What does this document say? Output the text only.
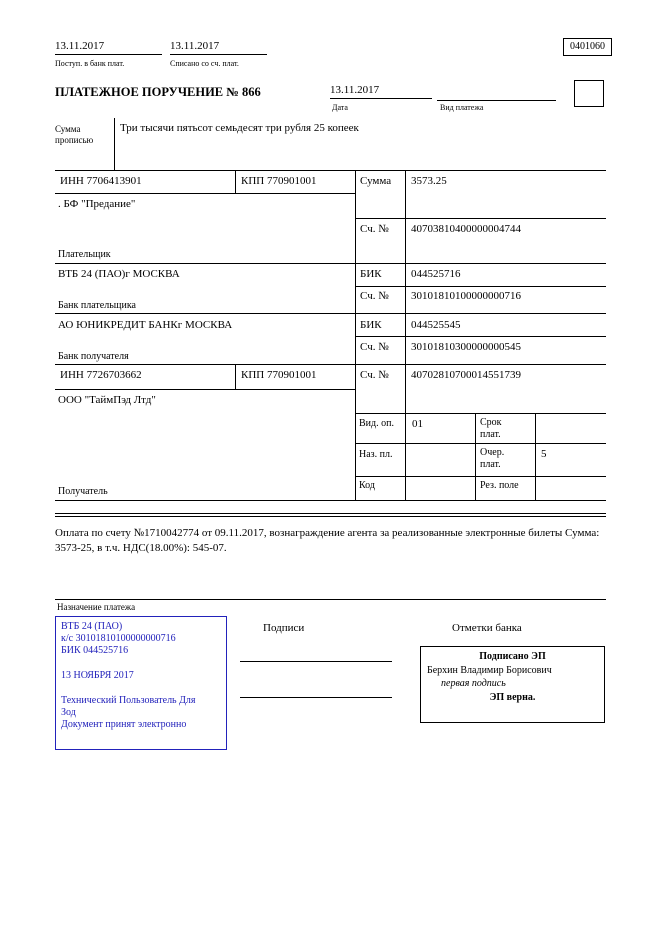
13.11.2017
Поступ. в банк плат.
13.11.2017
Списано со сч. плат.
0401060
ПЛАТЕЖНОЕ ПОРУЧЕНИЕ № 866	13.11.2017
Дата	Вид платежа
Сумма прописью
Три тысячи пятьсот семьдесят три рубля 25 копеек
ИНН 7706413901	КПП 770901001	Сумма 3573.25
. БФ "Предание"
Сч. № 40703810400000004744
Плательщик
ВТБ 24 (ПАО)г МОСКВА	БИК	044525716
Сч. № 30101810100000000716
Банк плательщика
АО ЮНИКРЕДИТ БАНКг МОСКВА	БИК	044525545
Сч. № 30101810300000000545
Банк получателя
ИНН 7726703662	КПП 770901001	Сч. № 40702810700014551739
ООО "ТаймПэд Лтд"
Получатель
Вид. оп. 01	Срок плат.
Наз. пл.	Очер. плат.
5
Код	Рез. поле
Оплата по счету №1710042774 от 09.11.2017, вознаграждение агента за реализованные электронные билеты Сумма: 3573-25, в т.ч. НДС(18.00%): 545-07.
Назначение платежа
ВТБ 24 (ПАО)
к/с 30101810100000000716
БИК 044525716
13 НОЯБРЯ 2017
Технический Пользователь Для Зод
Документ принят электронно
Подписи	Отметки банка
Подписано ЭП
Берхин Владимир Борисович
первая подпись
ЭП верна.
